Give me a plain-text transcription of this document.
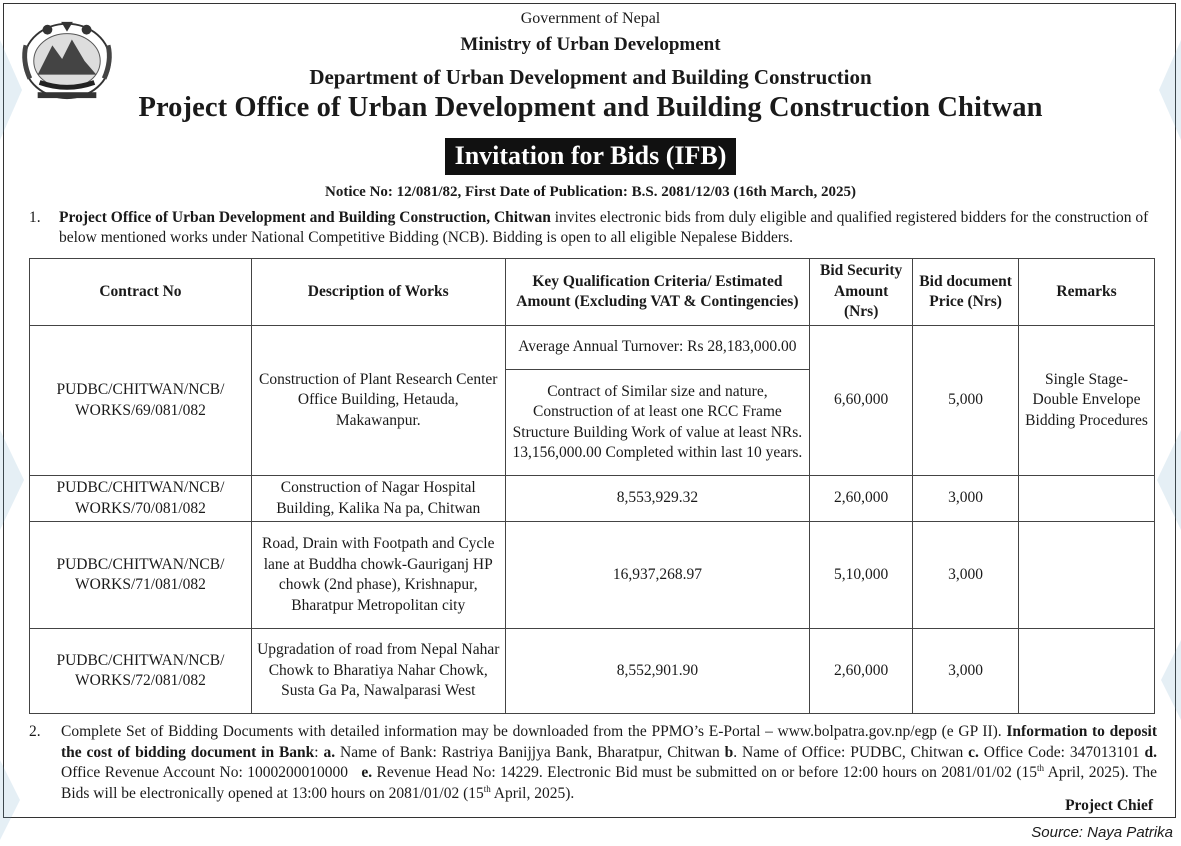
Government of Nepal
Ministry of Urban Development
Department of Urban Development and Building Construction
Project Office of Urban Development and Building Construction Chitwan
Invitation for Bids (IFB)
Notice No: 12/081/82, First Date of Publication: B.S. 2081/12/03 (16th March, 2025)
1. Project Office of Urban Development and Building Construction, Chitwan invites electronic bids from duly eligible and qualified registered bidders for the construction of below mentioned works under National Competitive Bidding (NCB). Bidding is open to all eligible Nepalese Bidders.
Contract No	Description of Works	Key Qualification Criteria/ Estimated Amount (Excluding VAT & Contingencies)	Bid Security Amount (Nrs)	Bid document Price (Nrs)	Remarks
PUDBC/CHITWAN/NCB/ WORKS/69/081/082	Construction of Plant Research Center Office Building, Hetauda, Makawanpur.	Average Annual Turnover: Rs 28,183,000.00	6,60,000	5,000	Single Stage-Double Envelope Bidding Procedures
		Contract of Similar size and nature, Construction of at least one RCC Frame Structure Building Work of value at least NRs. 13,156,000.00 Completed within last 10 years.			
PUDBC/CHITWAN/NCB/ WORKS/70/081/082	Construction of Nagar Hospital Building, Kalika Na pa, Chitwan	8,553,929.32	2,60,000	3,000	
PUDBC/CHITWAN/NCB/ WORKS/71/081/082	Road, Drain with Footpath and Cycle lane at Buddha chowk-Gauriganj HP chowk (2nd phase), Krishnapur, Bharatpur Metropolitan city	16,937,268.97	5,10,000	3,000	
PUDBC/CHITWAN/NCB/ WORKS/72/081/082	Upgradation of road from Nepal Nahar Chowk to Bharatiya Nahar Chowk, Susta Ga Pa, Nawalparasi West	8,552,901.90	2,60,000	3,000	
2. Complete Set of Bidding Documents with detailed information may be downloaded from the PPMO’s E-Portal – www.bolpatra.gov.np/egp (e GP II). Information to deposit the cost of bidding document in Bank: a. Name of Bank: Rastriya Banijjya Bank, Bharatpur, Chitwan b. Name of Office: PUDBC, Chitwan c. Office Code: 347013101 d. Office Revenue Account No: 1000200010000   e. Revenue Head No: 14229. Electronic Bid must be submitted on or before 12:00 hours on 2081/01/02 (15th April, 2025). The Bids will be electronically opened at 13:00 hours on 2081/01/02 (15th April, 2025).
Project Chief
Source: Naya Patrika
